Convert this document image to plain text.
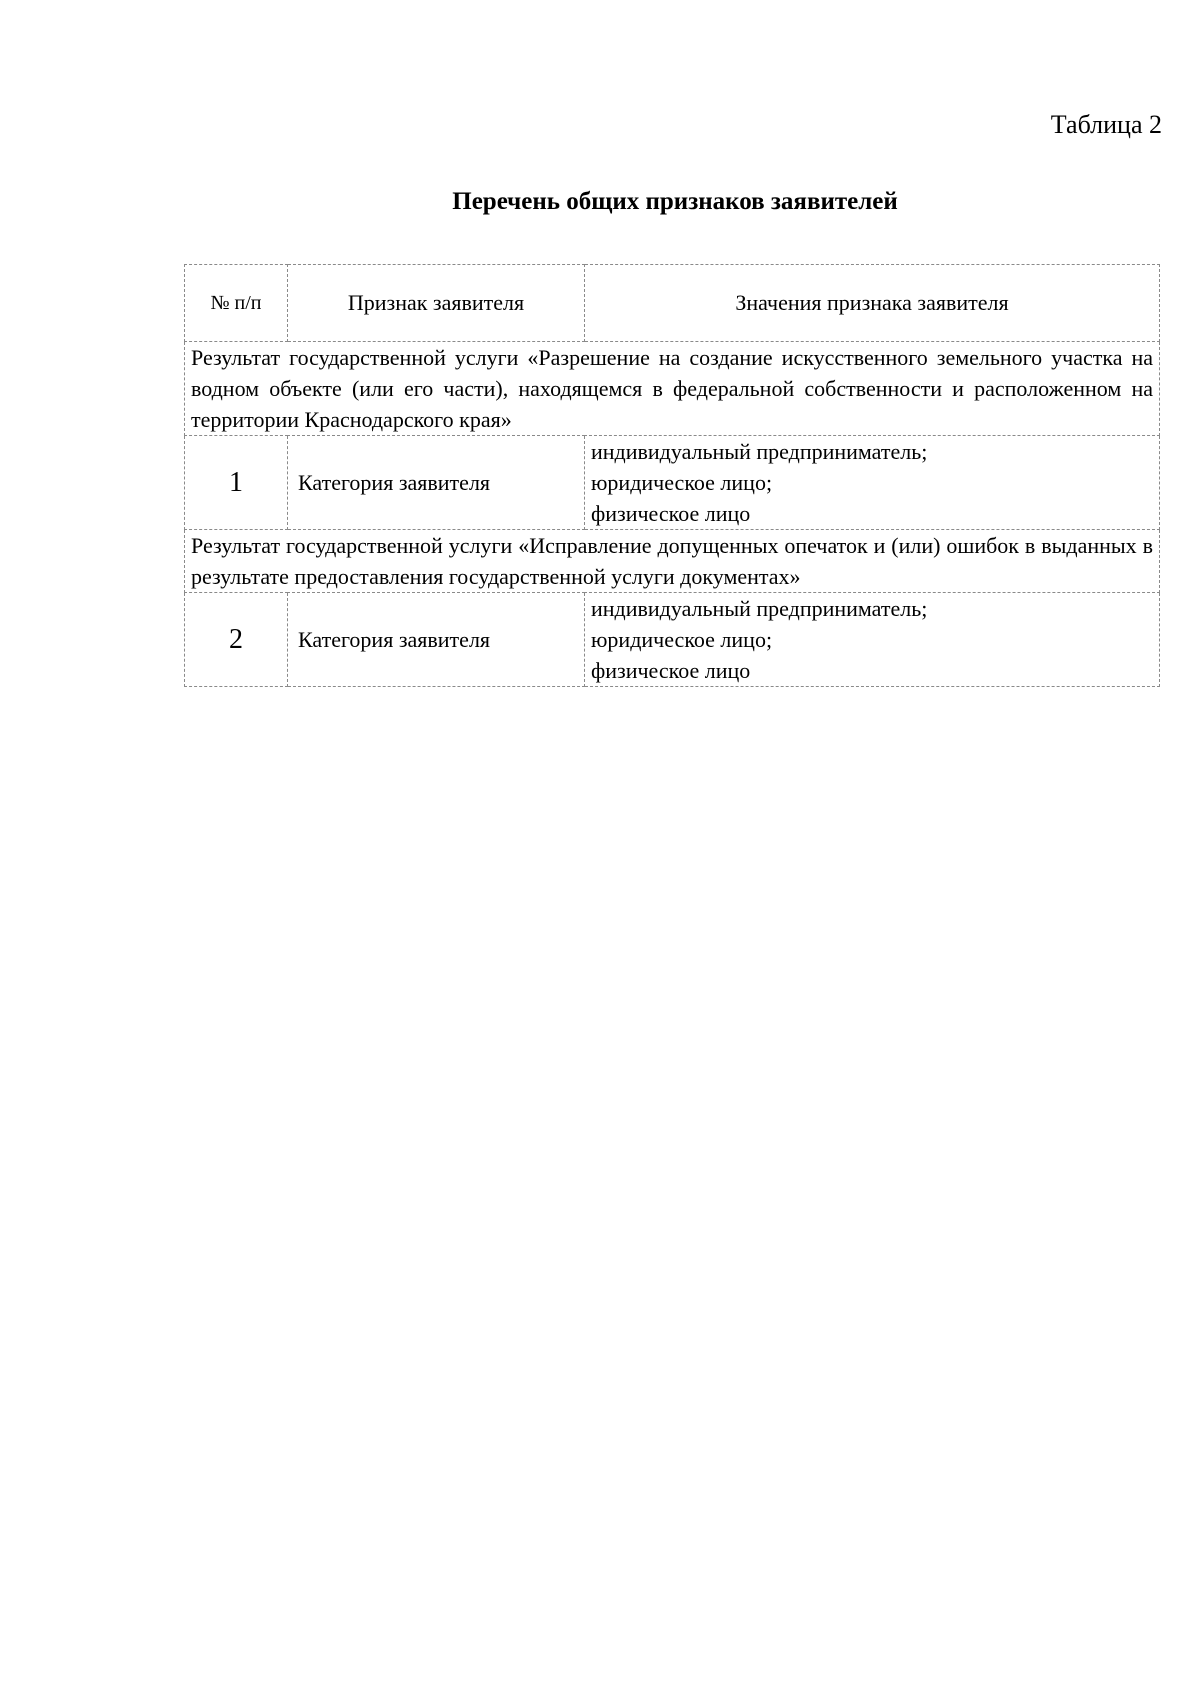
Таблица 2
Перечень общих признаков заявителей
№ п/п	Признак заявителя	Значения признака заявителя
Результат государственной услуги «Разрешение на создание искусственного земельного участка на водном объекте (или его части), находящемся в федеральной собственности и расположенном на территории Краснодарского края»		
1	Категория заявителя	индивидуальный предприниматель;
юридическое лицо;
физическое лицо

Результат государственной услуги «Исправление допущенных опечаток и (или) ошибок в выданных в результате предоставления государственной услуги документах»		
2	Категория заявителя	индивидуальный предприниматель;
юридическое лицо;
физическое лицо
